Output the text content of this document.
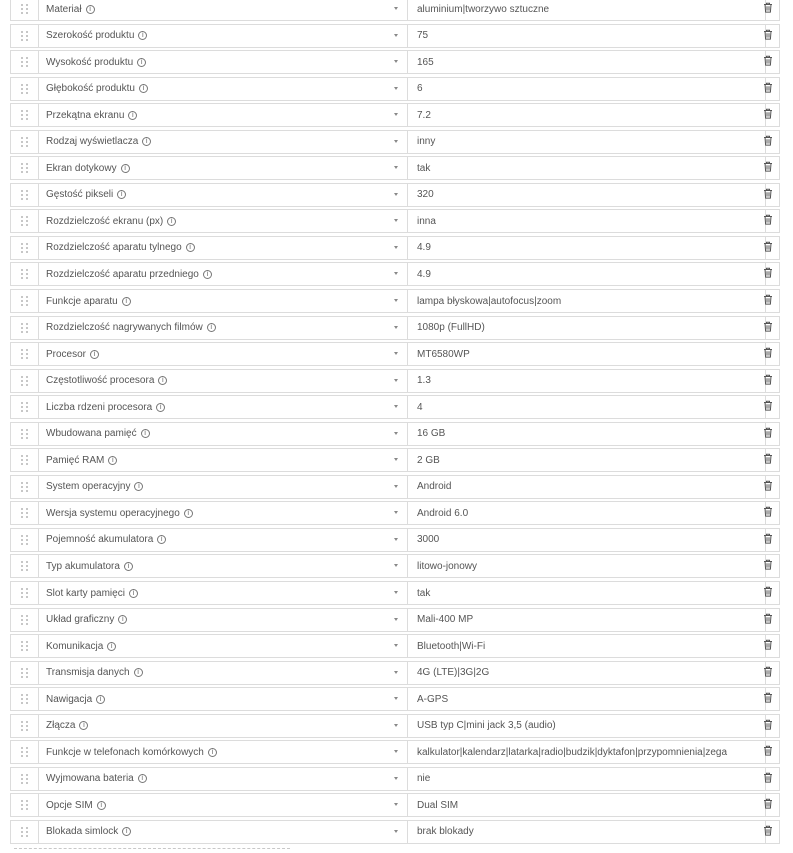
Materiał	i	aluminium|tworzywo sztuczne
Szerokość produktu	i	75
Wysokość produktu	i	165
Głębokość produktu	i	6
Przekątna ekranu	i	7.2
Rodzaj wyświetlacza	i	inny
Ekran dotykowy	i	tak
Gęstość pikseli	i	320
Rozdzielczość ekranu (px)	i	inna
Rozdzielczość aparatu tylnego	i	4.9
Rozdzielczość aparatu przedniego	i	4.9
Funkcje aparatu	i	lampa błyskowa|autofocus|zoom
Rozdzielczość nagrywanych filmów	i	1080p (FullHD)
Procesor	i	MT6580WP
Częstotliwość procesora	i	1.3
Liczba rdzeni procesora	i	4
Wbudowana pamięć	i	16 GB
Pamięć RAM	i	2 GB
System operacyjny	i	Android
Wersja systemu operacyjnego	i	Android 6.0
Pojemność akumulatora	i	3000
Typ akumulatora	i	litowo-jonowy
Slot karty pamięci	i	tak
Układ graficzny	i	Mali-400 MP
Komunikacja	i	Bluetooth|Wi-Fi
Transmisja danych	i	4G (LTE)|3G|2G
Nawigacja	i	A-GPS
Złącza	i	USB typ C|mini jack 3,5 (audio)
Funkcje w telefonach komórkowych	i	kalkulator|kalendarz|latarka|radio|budzik|dyktafon|przypomnienia|zega
Wyjmowana bateria	i	nie
Opcje SIM	i	Dual SIM
Blokada simlock	i	brak blokady
